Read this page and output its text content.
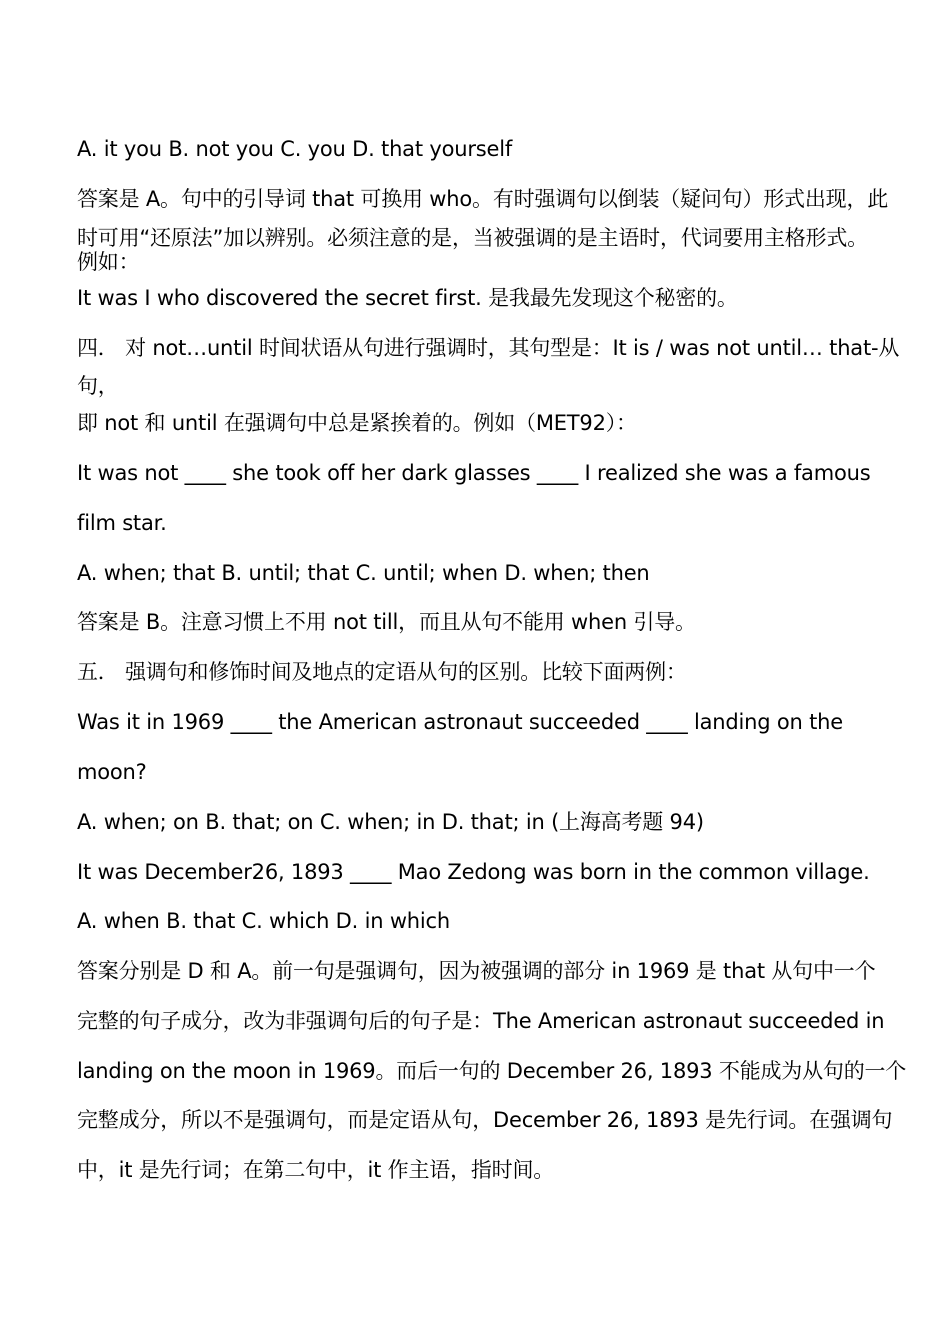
A. it you B. not you C. you D. that yourself
答案是 A。句中的引导词 that 可换用 who。有时强调句以倒装（疑问句）形式出现，此
时可用“还原法”加以辨别。必须注意的是，当被强调的是主语时，代词要用主格形式。
例如：
It was I who discovered the secret first. 是我最先发现这个秘密的。
四． 对 not…until 时间状语从句进行强调时，其句型是：It is / was not until… that-从
句，
即 not 和 until 在强调句中总是紧挨着的。例如（MET92）：
It was not ____ she took off her dark glasses ____ I realized she was a famous
film star.
A. when; that B. until; that C. until; when D. when; then
答案是 B。注意习惯上不用 not till，而且从句不能用 when 引导。
五． 强调句和修饰时间及地点的定语从句的区别。比较下面两例：
Was it in 1969 ____ the American astronaut succeeded ____ landing on the
moon?
A. when; on B. that; on C. when; in D. that; in (上海高考题 94)
It was December26, 1893 ____ Mao Zedong was born in the common village.
A. when B. that C. which D. in which
答案分别是 D 和 A。前一句是强调句，因为被强调的部分 in 1969 是 that 从句中一个
完整的句子成分，改为非强调句后的句子是：The American astronaut succeeded in
landing on the moon in 1969。而后一句的 December 26, 1893 不能成为从句的一个
完整成分，所以不是强调句，而是定语从句，December 26, 1893 是先行词。在强调句
中，it 是先行词；在第二句中，it 作主语，指时间。
